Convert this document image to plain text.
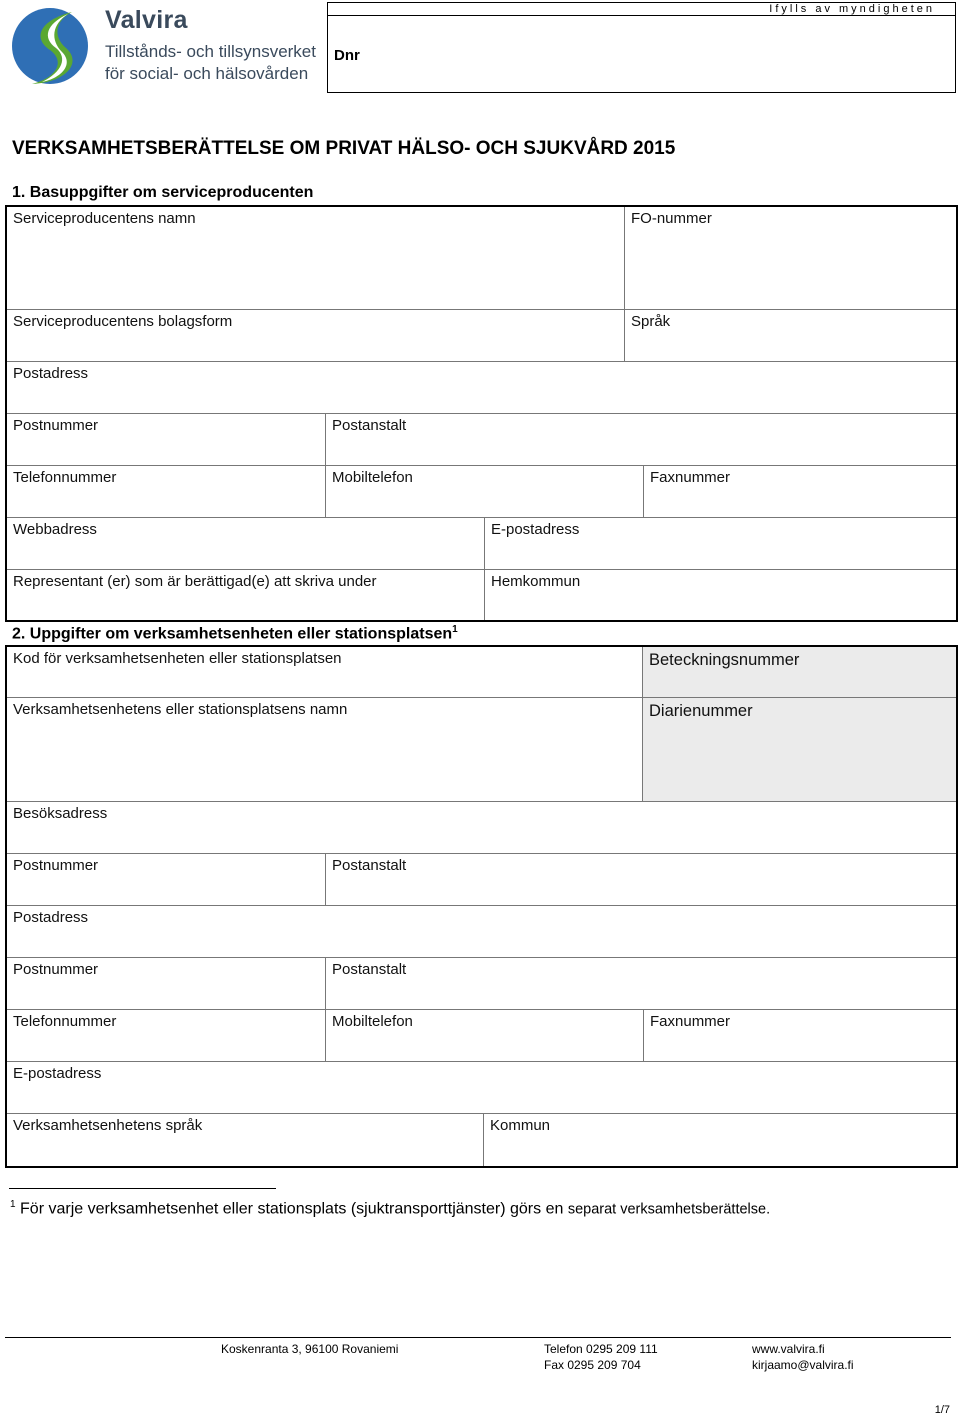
Valvira
Tillstånds- och tillsynsverket
för social- och hälsovården
Ifylls av myndigheten
Dnr
VERKSAMHETSBERÄTTELSE OM PRIVAT HÄLSO- OCH SJUKVÅRD 2015
1. Basuppgifter om serviceproducenten
Serviceproducentens namn	FO-nummer
Serviceproducentens bolagsform	Språk
Postadress
Postnummer	Postanstalt
Telefonnummer	Mobiltelefon	Faxnummer
Webbadress	E-postadress
Representant (er) som är berättigad(e) att skriva under	Hemkommun
2. Uppgifter om verksamhetsenheten eller stationsplatsen$^1$
Kod för verksamhetsenheten eller stationsplatsen	Beteckningsnummer
Verksamhetsenhetens eller stationsplatsens namn	Diarienummer
Besöksadress
Postnummer	Postanstalt
Postadress
Postnummer	Postanstalt
Telefonnummer	Mobiltelefon	Faxnummer
E-postadress
Verksamhetsenhetens språk	Kommun
$^1$ För varje verksamhetsenhet eller stationsplats (sjuktransporttjänster) görs en separat verksamhetsberättelse.
Koskenranta 3, 96100 Rovaniemi	Telefon 0295 209 111
Fax 0295 209 704
www.valvira.fi
kirjaamo@valvira.fi
1/7
